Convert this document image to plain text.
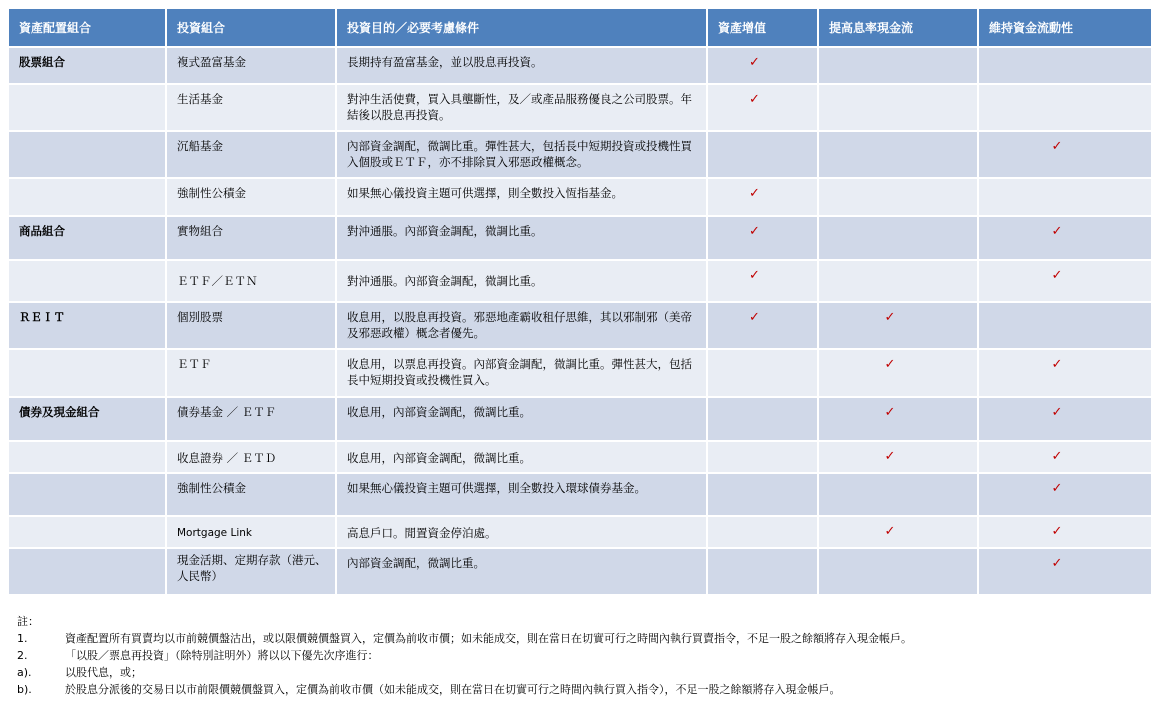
資產配置組合	投資組合	投資目的／必要考慮條件	資產增值	提高息率現金流	維持資金流動性
股票組合	複式盈富基金	長期持有盈富基金，並以股息再投資。	✓		
	生活基金	對沖生活使費，買入具壟斷性，及／或產品服務優良之公司股票。年結後以股息再投資。	✓		
	沉船基金	內部資金調配，微調比重。彈性甚大，包括長中短期投資或投機性買入個股或ＥＴＦ，亦不排除買入邪惡政權概念。			✓
	強制性公積金	如果無心儀投資主題可供選擇，則全數投入恆指基金。	✓		
商品組合	實物組合	對沖通脹。內部資金調配，微調比重。	✓		✓
	ＥＴＦ／ＥＴＮ	對沖通脹。內部資金調配，微調比重。	✓		✓
ＲＥＩＴ	個別股票	收息用，以股息再投資。邪惡地產霸收租仔思維，其以邪制邪（美帝及邪惡政權）概念者優先。	✓	✓	
	ＥＴＦ	收息用，以票息再投資。內部資金調配，微調比重。彈性甚大，包括長中短期投資或投機性買入。		✓	✓
債券及現金組合	債券基金 ／ ＥＴＦ	收息用，內部資金調配，微調比重。		✓	✓
	收息證券 ／ ＥＴＤ	收息用，內部資金調配，微調比重。		✓	✓
	強制性公積金	如果無心儀投資主題可供選擇，則全數投入環球債券基金。			✓
	Mortgage Link	高息戶口。閒置資金停泊處。		✓	✓
	現金活期、定期存款（港元、人民幣）	內部資金調配，微調比重。			✓
註：
1.	資產配置所有買賣均以市前競價盤沽出，或以限價競價盤買入，定價為前收市價；如未能成交，則在當日在切實可行之時間內執行買賣指令，不足一股之餘額將存入現金帳戶。
2.	「以股／票息再投資」（除特別註明外）將以以下優先次序進行：
a).	以股代息，或；
b).	於股息分派後的交易日以市前限價競價盤買入，定價為前收市價（如未能成交，則在當日在切實可行之時間內執行買入指令），不足一股之餘額將存入現金帳戶。
